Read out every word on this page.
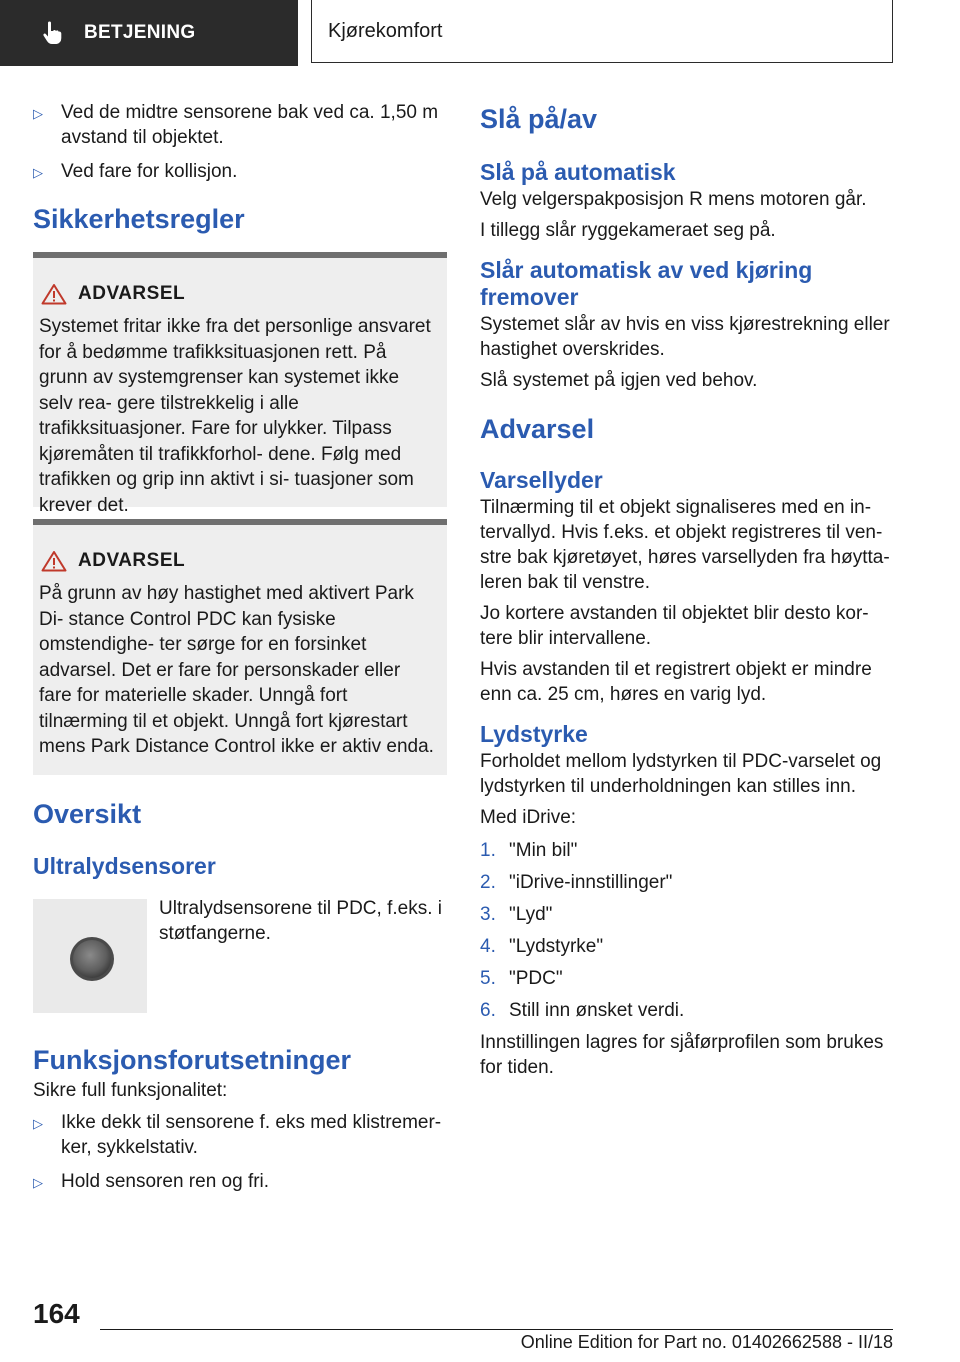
BETJENING	Kjørekomfort
▷ Ved de midtre sensorene bak ved ca. 1,50 m avstand til objektet.
▷ Ved fare for kollisjon.
Sikkerhetsregler
ADVARSEL
Systemet fritar ikke fra det personlige ansvaret for å bedømme trafikksituasjonen rett. På grunn av systemgrenser kan systemet ikke selv rea- gere tilstrekkelig i alle trafikksituasjoner. Fare for ulykker. Tilpass kjøremåten til trafikkforhol- dene. Følg med trafikken og grip inn aktivt i si- tuasjoner som krever det.
ADVARSEL
På grunn av høy hastighet med aktivert Park Di- stance Control PDC kan fysiske omstendighe- ter sørge for en forsinket advarsel. Det er fare for personskader eller fare for materielle skader. Unngå fort tilnærming til et objekt. Unngå fort kjørestart mens Park Distance Control ikke er aktiv enda.
Oversikt
Ultralydsensorer

Ultralydsensorene til PDC, f.eks. i støtfangerne.

Funksjonsforutsetninger

Sikre full funksjonalitet:

▷ Ikke dekk til sensorene f. eks med klistremer- ker, sykkelstativ.
▷ Hold sensoren ren og fri.
Slå på/av
Slå på automatisk

Velg velgerspakposisjon R mens motoren går.

I tillegg slår ryggekameraet seg på.

Slår automatisk av ved kjøring fremover

Systemet slår av hvis en viss kjørestrekning eller hastighet overskrides.

Slå systemet på igjen ved behov.

Advarsel
Varsellyder

Tilnærming til et objekt signaliseres med en in- tervallyd. Hvis f.eks. et objekt registreres til ven- stre bak kjøretøyet, høres varsellyden fra høytta- leren bak til venstre.

Jo kortere avstanden til objektet blir desto kor- tere blir intervallene.

Hvis avstanden til et registrert objekt er mindre enn ca. 25 cm, høres en varig lyd.

Lydstyrke

Forholdet mellom lydstyrken til PDC-varselet og lydstyrken til underholdningen kan stilles inn.

Med iDrive:

1. "Min bil"
2. "iDrive-innstillinger"
3. "Lyd"
4. "Lydstyrke"
5. "PDC"
6. Still inn ønsket verdi.

Innstillingen lagres for sjåførprofilen som brukes for tiden.

164
Online Edition for Part no. 01402662588 - II/18
